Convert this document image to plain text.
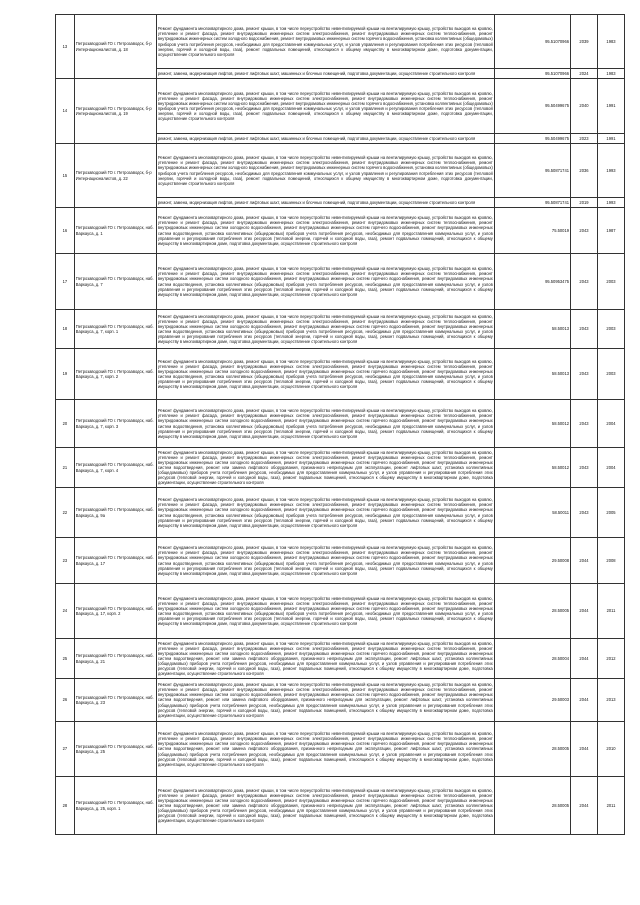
13	Петрозаводский ГО г. Петрозаводск, б-р Интернационалистов, д. 18	Ремонт фундамента многоквартирного дома, ремонт крыши, в том числе переустройство невентилируемой крыши на вентилируемую крышу, устройство выходов на кровлю, утепление и ремонт фасада, ремонт внутридомовых инженерных систем электроснабжения, ремонт внутридомовых инженерных систем теплоснабжения, ремонт внутридомовых инженерных систем холодного водоснабжения, ремонт внутридомовых инженерных систем горячего водоснабжения, установка коллективных (общедомовых) приборов учета потребления ресурсов, необходимых для предоставления коммунальных услуг, и узлов управления и регулирования потребления этих ресурсов (тепловой энергии, горячей и холодной воды, газа), ремонт подвальных помещений, относящихся к общему имуществу в многоквартирном доме, подготовка документации, осуществление строительного контроля	95.51070966	2039	1983

		ремонт, замена, модернизация лифтов, ремонт лифтовых шахт, машинных и блочных помещений, подготовка документации, осуществление строительного контроля	95.51070966	2024	1983
14	Петрозаводский ГО г. Петрозаводск, б-р Интернационалистов, д. 19	Ремонт фундамента многоквартирного дома, ремонт крыши, в том числе переустройство невентилируемой крыши на вентилируемую крышу, устройство выходов на кровлю, утепление и ремонт фасада, ремонт внутридомовых инженерных систем электроснабжения, ремонт внутридомовых инженерных систем теплоснабжения, ремонт внутридомовых инженерных систем холодного водоснабжения, ремонт внутридомовых инженерных систем горячего водоснабжения, установка коллективных (общедомовых) приборов учета потребления ресурсов, необходимых для предоставления коммунальных услуг, и узлов управления и регулирования потребления этих ресурсов (тепловой энергии, горячей и холодной воды, газа), ремонт подвальных помещений, относящихся к общему имуществу в многоквартирном доме, подготовка документации, осуществление строительного контроля	95.50499675	2040	1991

		ремонт, замена, модернизация лифтов, ремонт лифтовых шахт, машинных и блочных помещений, подготовка документации, осуществление строительного контроля	95.50499675	2023	1991
15	Петрозаводский ГО г. Петрозаводск, б-р Интернационалистов, д. 22	Ремонт фундамента многоквартирного дома, ремонт крыши, в том числе переустройство невентилируемой крыши на вентилируемую крышу, устройство выходов на кровлю, утепление и ремонт фасада, ремонт внутридомовых инженерных систем электроснабжения, ремонт внутридомовых инженерных систем теплоснабжения, ремонт внутридомовых инженерных систем холодного водоснабжения, ремонт внутридомовых инженерных систем горячего водоснабжения, установка коллективных (общедомовых) приборов учета потребления ресурсов, необходимых для предоставления коммунальных услуг, и узлов управления и регулирования потребления этих ресурсов (тепловой энергии, горячей и холодной воды, газа), ремонт подвальных помещений, относящихся к общему имуществу в многоквартирном доме, подготовка документации, осуществление строительного контроля	95.50871741	2036	1993

		ремонт, замена, модернизация лифтов, ремонт лифтовых шахт, машинных и блочных помещений, подготовка документации, осуществление строительного контроля	95.50871741	2019	1993
16	Петрозаводский ГО г. Петрозаводск, наб. Варкауса, д. 1	Ремонт фундамента многоквартирного дома, ремонт крыши, в том числе переустройство невентилируемой крыши на вентилируемую крышу, устройство выходов на кровлю, утепление и ремонт фасада, ремонт внутридомовых инженерных систем электроснабжения, ремонт внутридомовых инженерных систем теплоснабжения, ремонт внутридомовых инженерных систем холодного водоснабжения, ремонт внутридомовых инженерных систем горячего водоснабжения, ремонт внутридомовых инженерных систем водоотведения, установка коллективных (общедомовых) приборов учета потребления ресурсов, необходимых для предоставления коммунальных услуг, и узлов управления и регулирования потребления этих ресурсов (тепловой энергии, горячей и холодной воды, газа), ремонт подвальных помещений, относящихся к общему имуществу в многоквартирном доме, подготовка документации, осуществление строительного контроля	75.50019	2043	1987
17	Петрозаводский ГО г. Петрозаводск, наб. Варкауса, д. 7	Ремонт фундамента многоквартирного дома, ремонт крыши, в том числе переустройство невентилируемой крыши на вентилируемую крышу, устройство выходов на кровлю, утепление и ремонт фасада, ремонт внутридомовых инженерных систем электроснабжения, ремонт внутридомовых инженерных систем теплоснабжения, ремонт внутридомовых инженерных систем холодного водоснабжения, ремонт внутридомовых инженерных систем горячего водоснабжения, ремонт внутридомовых инженерных систем водоотведения, установка коллективных (общедомовых) приборов учета потребления ресурсов, необходимых для предоставления коммунальных услуг, и узлов управления и регулирования потребления этих ресурсов (тепловой энергии, горячей и холодной воды, газа), ремонт подвальных помещений, относящихся к общему имуществу в многоквартирном доме, подготовка документации, осуществление строительного контроля	95.50953475	2043	2003
18	Петрозаводский ГО г. Петрозаводск, наб. Варкауса, д. 7, корп. 1	Ремонт фундамента многоквартирного дома, ремонт крыши, в том числе переустройство невентилируемой крыши на вентилируемую крышу, устройство выходов на кровлю, утепление и ремонт фасада, ремонт внутридомовых инженерных систем электроснабжения, ремонт внутридомовых инженерных систем теплоснабжения, ремонт внутридомовых инженерных систем холодного водоснабжения, ремонт внутридомовых инженерных систем горячего водоснабжения, ремонт внутридомовых инженерных систем водоотведения, установка коллективных (общедомовых) приборов учета потребления ресурсов, необходимых для предоставления коммунальных услуг, и узлов управления и регулирования потребления этих ресурсов (тепловой энергии, горячей и холодной воды, газа), ремонт подвальных помещений, относящихся к общему имуществу в многоквартирном доме, подготовка документации, осуществление строительного контроля	58.50013	2043	2003
19	Петрозаводский ГО г. Петрозаводск, наб. Варкауса, д. 7, корп. 2	Ремонт фундамента многоквартирного дома, ремонт крыши, в том числе переустройство невентилируемой крыши на вентилируемую крышу, устройство выходов на кровлю, утепление и ремонт фасада, ремонт внутридомовых инженерных систем электроснабжения, ремонт внутридомовых инженерных систем теплоснабжения, ремонт внутридомовых инженерных систем холодного водоснабжения, ремонт внутридомовых инженерных систем горячего водоснабжения, ремонт внутридомовых инженерных систем водоотведения, установка коллективных (общедомовых) приборов учета потребления ресурсов, необходимых для предоставления коммунальных услуг, и узлов управления и регулирования потребления этих ресурсов (тепловой энергии, горячей и холодной воды, газа), ремонт подвальных помещений, относящихся к общему имуществу в многоквартирном доме, подготовка документации, осуществление строительного контроля	58.50013	2043	2003
20	Петрозаводский ГО г. Петрозаводск, наб. Варкауса, д. 7, корп. 3	Ремонт фундамента многоквартирного дома, ремонт крыши, в том числе переустройство невентилируемой крыши на вентилируемую крышу, устройство выходов на кровлю, утепление и ремонт фасада, ремонт внутридомовых инженерных систем электроснабжения, ремонт внутридомовых инженерных систем теплоснабжения, ремонт внутридомовых инженерных систем холодного водоснабжения, ремонт внутридомовых инженерных систем горячего водоснабжения, ремонт внутридомовых инженерных систем водоотведения, установка коллективных (общедомовых) приборов учета потребления ресурсов, необходимых для предоставления коммунальных услуг, и узлов управления и регулирования потребления этих ресурсов (тепловой энергии, горячей и холодной воды, газа), ремонт подвальных помещений, относящихся к общему имуществу в многоквартирном доме, подготовка документации, осуществление строительного контроля	58.50012	2043	2004
21	Петрозаводский ГО г. Петрозаводск, наб. Варкауса, д. 7, корп. 4	Ремонт фундамента многоквартирного дома, ремонт крыши, в том числе переустройство невентилируемой крыши на вентилируемую крышу, устройство выходов на кровлю, утепление и ремонт фасада, ремонт внутридомовых инженерных систем электроснабжения, ремонт внутридомовых инженерных систем теплоснабжения, ремонт внутридомовых инженерных систем холодного водоснабжения, ремонт внутридомовых инженерных систем горячего водоснабжения, ремонт внутридомовых инженерных систем водоотведения, ремонт или замена лифтового оборудования, признанного непригодным для эксплуатации, ремонт лифтовых шахт, установка коллективных (общедомовых) приборов учета потребления ресурсов, необходимых для предоставления коммунальных услуг, и узлов управления и регулирования потребления этих ресурсов (тепловой энергии, горячей и холодной воды, газа), ремонт подвальных помещений, относящихся к общему имуществу в многоквартирном доме, подготовка документации, осуществление строительного контроля	58.50012	2043	2004
22	Петрозаводский ГО г. Петрозаводск, наб. Варкауса, д. 9а	Ремонт фундамента многоквартирного дома, ремонт крыши, в том числе переустройство невентилируемой крыши на вентилируемую крышу, устройство выходов на кровлю, утепление и ремонт фасада, ремонт внутридомовых инженерных систем электроснабжения, ремонт внутридомовых инженерных систем теплоснабжения, ремонт внутридомовых инженерных систем холодного водоснабжения, ремонт внутридомовых инженерных систем горячего водоснабжения, ремонт внутридомовых инженерных систем водоотведения, установка коллективных (общедомовых) приборов учета потребления ресурсов, необходимых для предоставления коммунальных услуг, и узлов управления и регулирования потребления этих ресурсов (тепловой энергии, горячей и холодной воды, газа), ремонт подвальных помещений, относящихся к общему имуществу в многоквартирном доме, подготовка документации, осуществление строительного контроля	58.50011	2043	2005
23	Петрозаводский ГО г. Петрозаводск, наб. Варкауса, д. 17	Ремонт фундамента многоквартирного дома, ремонт крыши, в том числе переустройство невентилируемой крыши на вентилируемую крышу, устройство выходов на кровлю, утепление и ремонт фасада, ремонт внутридомовых инженерных систем электроснабжения, ремонт внутридомовых инженерных систем теплоснабжения, ремонт внутридомовых инженерных систем холодного водоснабжения, ремонт внутридомовых инженерных систем горячего водоснабжения, ремонт внутридомовых инженерных систем водоотведения, установка коллективных (общедомовых) приборов учета потребления ресурсов, необходимых для предоставления коммунальных услуг, и узлов управления и регулирования потребления этих ресурсов (тепловой энергии, горячей и холодной воды, газа), ремонт подвальных помещений, относящихся к общему имуществу в многоквартирном доме, подготовка документации, осуществление строительного контроля	29.50008	2044	2008
24	Петрозаводский ГО г. Петрозаводск, наб. Варкауса, д. 17, корп. 2	Ремонт фундамента многоквартирного дома, ремонт крыши, в том числе переустройство невентилируемой крыши на вентилируемую крышу, устройство выходов на кровлю, утепление и ремонт фасада, ремонт внутридомовых инженерных систем электроснабжения, ремонт внутридомовых инженерных систем теплоснабжения, ремонт внутридомовых инженерных систем холодного водоснабжения, ремонт внутридомовых инженерных систем горячего водоснабжения, ремонт внутридомовых инженерных систем водоотведения, установка коллективных (общедомовых) приборов учета потребления ресурсов, необходимых для предоставления коммунальных услуг, и узлов управления и регулирования потребления этих ресурсов (тепловой энергии, горячей и холодной воды, газа), ремонт подвальных помещений, относящихся к общему имуществу в многоквартирном доме, подготовка документации, осуществление строительного контроля	28.50005	2044	2011
25	Петрозаводский ГО г. Петрозаводск, наб. Варкауса, д. 21	Ремонт фундамента многоквартирного дома, ремонт крыши, в том числе переустройство невентилируемой крыши на вентилируемую крышу, устройство выходов на кровлю, утепление и ремонт фасада, ремонт внутридомовых инженерных систем электроснабжения, ремонт внутридомовых инженерных систем теплоснабжения, ремонт внутридомовых инженерных систем холодного водоснабжения, ремонт внутридомовых инженерных систем горячего водоснабжения, ремонт внутридомовых инженерных систем водоотведения, ремонт или замена лифтового оборудования, признанного непригодным для эксплуатации, ремонт лифтовых шахт, установка коллективных (общедомовых) приборов учета потребления ресурсов, необходимых для предоставления коммунальных услуг, и узлов управления и регулирования потребления этих ресурсов (тепловой энергии, горячей и холодной воды, газа), ремонт подвальных помещений, относящихся к общему имуществу в многоквартирном доме, подготовка документации, осуществление строительного контроля	28.50004	2044	2012
26	Петрозаводский ГО г. Петрозаводск, наб. Варкауса, д. 23	Ремонт фундамента многоквартирного дома, ремонт крыши, в том числе переустройство невентилируемой крыши на вентилируемую крышу, устройство выходов на кровлю, утепление и ремонт фасада, ремонт внутридомовых инженерных систем электроснабжения, ремонт внутридомовых инженерных систем теплоснабжения, ремонт внутридомовых инженерных систем холодного водоснабжения, ремонт внутридомовых инженерных систем горячего водоснабжения, ремонт внутридомовых инженерных систем водоотведения, ремонт или замена лифтового оборудования, признанного непригодным для эксплуатации, ремонт лифтовых шахт, установка коллективных (общедомовых) приборов учета потребления ресурсов, необходимых для предоставления коммунальных услуг, и узлов управления и регулирования потребления этих ресурсов (тепловой энергии, горячей и холодной воды, газа), ремонт подвальных помещений, относящихся к общему имуществу в многоквартирном доме, подготовка документации, осуществление строительного контроля	29.50003	2044	2013
27	Петрозаводский ГО г. Петрозаводск, наб. Варкауса, д. 25	Ремонт фундамента многоквартирного дома, ремонт крыши, в том числе переустройство невентилируемой крыши на вентилируемую крышу, устройство выходов на кровлю, утепление и ремонт фасада, ремонт внутридомовых инженерных систем электроснабжения, ремонт внутридомовых инженерных систем теплоснабжения, ремонт внутридомовых инженерных систем холодного водоснабжения, ремонт внутридомовых инженерных систем горячего водоснабжения, ремонт внутридомовых инженерных систем водоотведения, ремонт или замена лифтового оборудования, признанного непригодным для эксплуатации, ремонт лифтовых шахт, установка коллективных (общедомовых) приборов учета потребления ресурсов, необходимых для предоставления коммунальных услуг, и узлов управления и регулирования потребления этих ресурсов (тепловой энергии, горячей и холодной воды, газа), ремонт подвальных помещений, относящихся к общему имуществу в многоквартирном доме, подготовка документации, осуществление строительного контроля	28.50005	2044	2010
28	Петрозаводский ГО г. Петрозаводск, наб. Варкауса, д. 25, корп. 1	Ремонт фундамента многоквартирного дома, ремонт крыши, в том числе переустройство невентилируемой крыши на вентилируемую крышу, устройство выходов на кровлю, утепление и ремонт фасада, ремонт внутридомовых инженерных систем электроснабжения, ремонт внутридомовых инженерных систем теплоснабжения, ремонт внутридомовых инженерных систем холодного водоснабжения, ремонт внутридомовых инженерных систем горячего водоснабжения, ремонт внутридомовых инженерных систем водоотведения, ремонт или замена лифтового оборудования, признанного непригодным для эксплуатации, ремонт лифтовых шахт, установка коллективных (общедомовых) приборов учета потребления ресурсов, необходимых для предоставления коммунальных услуг, и узлов управления и регулирования потребления этих ресурсов (тепловой энергии, горячей и холодной воды, газа), ремонт подвальных помещений, относящихся к общему имуществу в многоквартирном доме, подготовка документации, осуществление строительного контроля	28.50005	2044	2011
